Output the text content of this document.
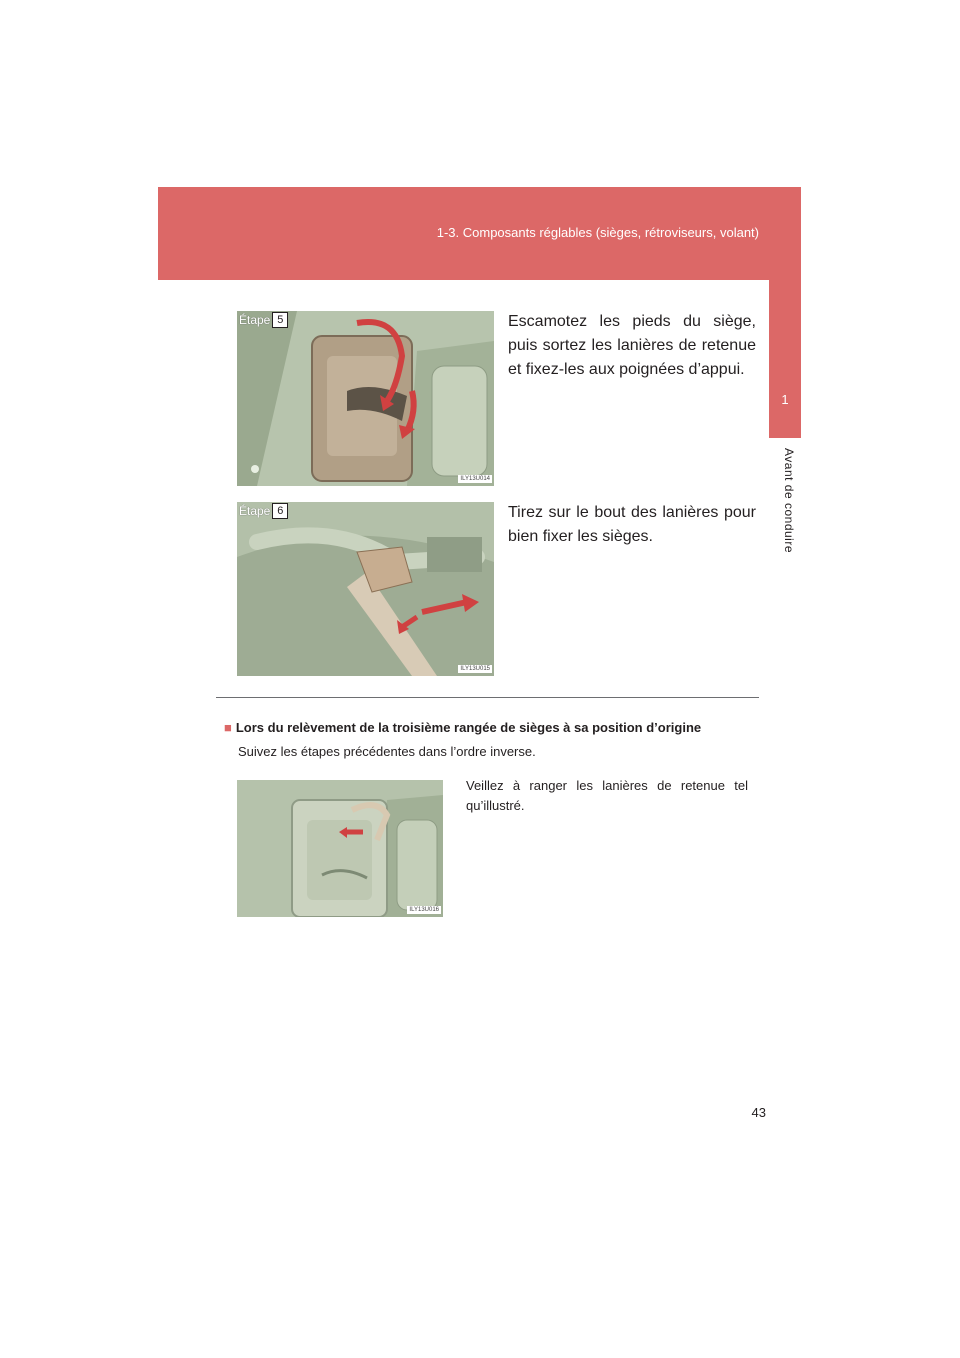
1-3. Composants réglables (sièges, rétroviseurs, volant)
1
Avant de conduire
Étape 5
ILY13U014
Escamotez les pieds du siège, puis sortez les lanières de retenue et fixez-les aux poignées d’appui.
Étape 6
ILY13U015
Tirez sur le bout des lanières pour bien fixer les sièges.
■ Lors du relèvement de la troisième rangée de sièges à sa position d’origine
Suivez les étapes précédentes dans l’ordre inverse.
ILY13U016
Veillez à ranger les lanières de retenue tel qu’illustré.
43
